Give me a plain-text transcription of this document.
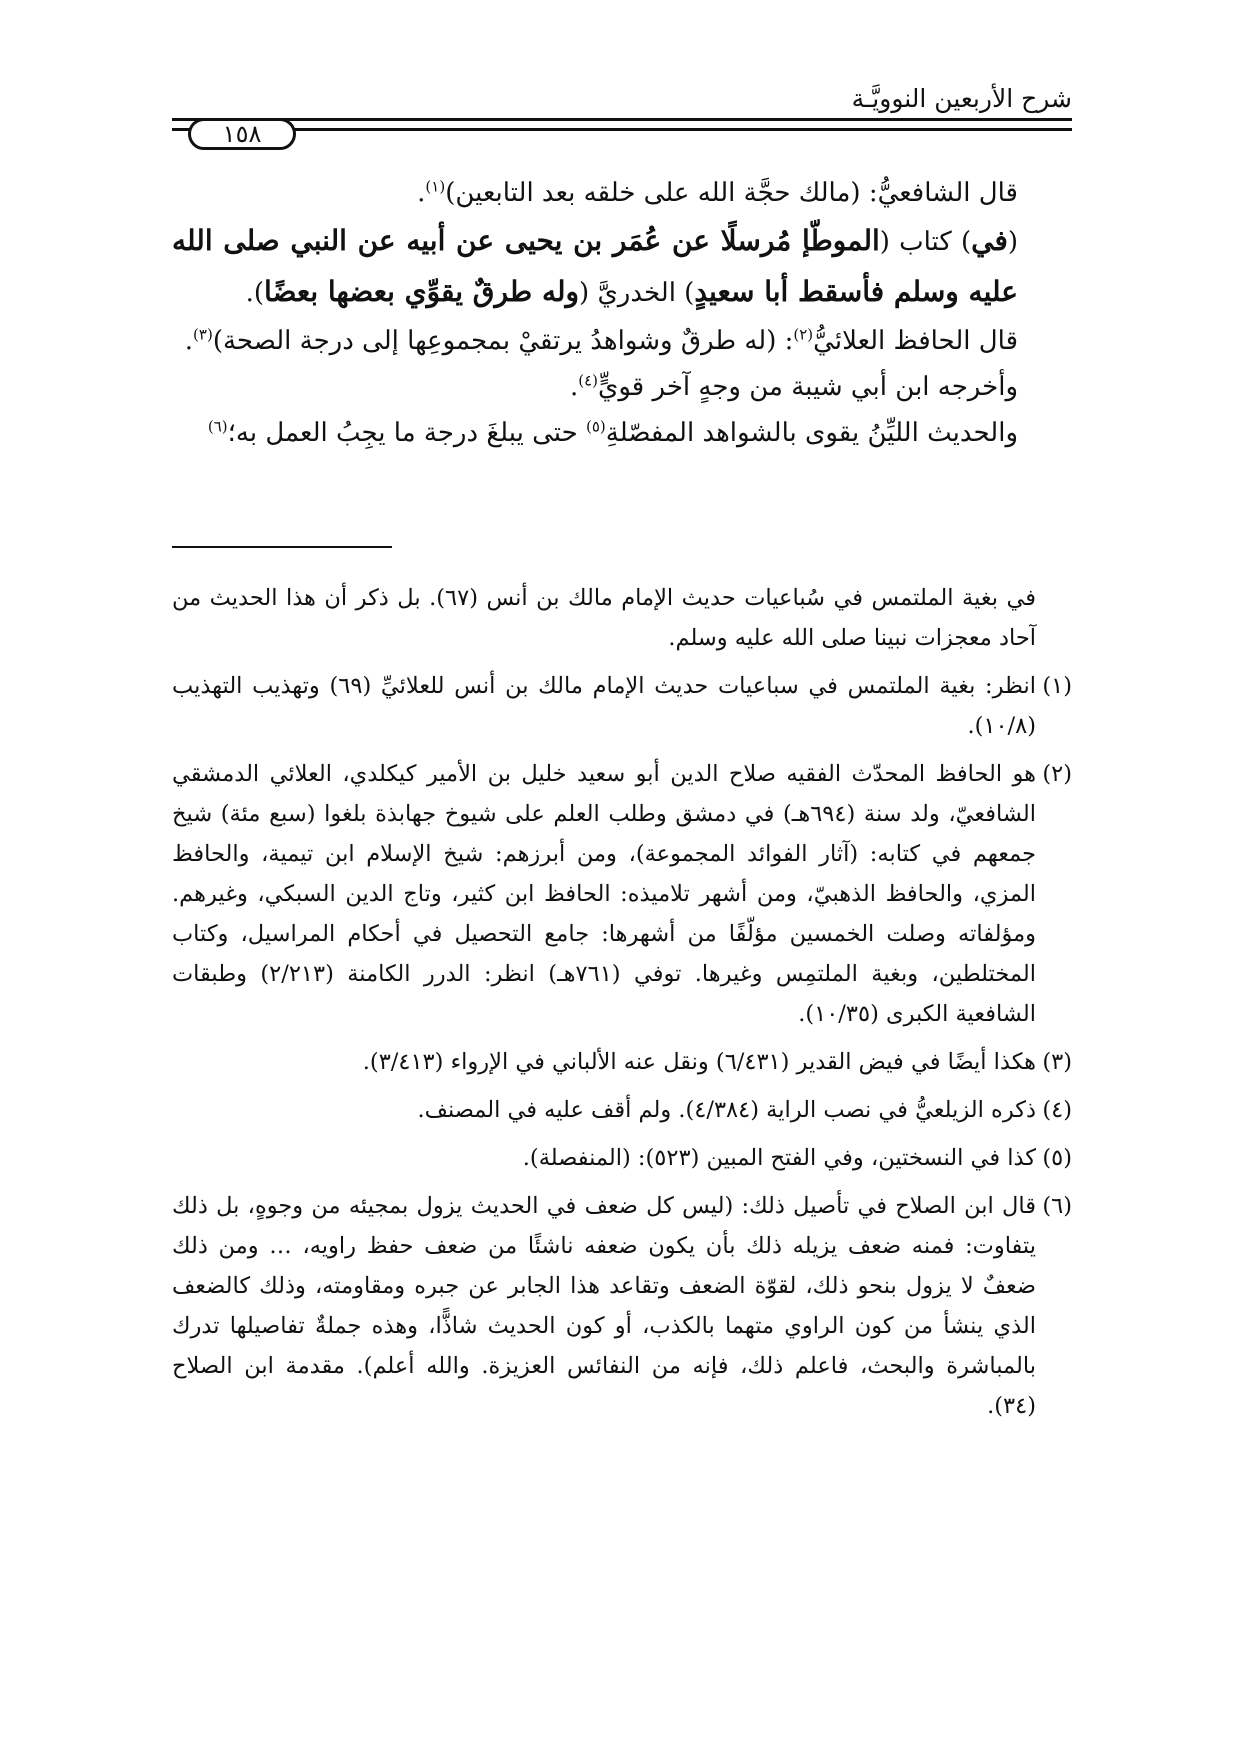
شرح الأربعين النوويَّـة
١٥٨

قال الشافعيُّ: (مالك حجَّة الله على خلقه بعد التابعين)$^{(١)}$.

(في) كتاب (الموطّإ مُرسلًا عن عُمَر بن يحيى عن أبيه عن النبي صلى الله عليه وسلم فأسقط أبا سعيدٍ) الخدريَّ (وله طرقٌ يقوِّي بعضها بعضًا).

قال الحافظ العلائيُّ$^{(٢)}$: (له طرقٌ وشواهدُ يرتقيْ بمجموعِها إلى درجة الصحة)$^{(٣)}$.

وأخرجه ابن أبي شيبة من وجهٍ آخر قويٍّ$^{(٤)}$.

والحديث الليِّنُ يقوى بالشواهد المفصّلةِ$^{(٥)}$ حتى يبلغَ درجة ما يجِبُ العمل به؛$^{(٦)}$

في بغية الملتمس في سُباعيات حديث الإمام مالك بن أنس (٦٧). بل ذكر أن هذا الحديث من آحاد معجزات نبينا صلى الله عليه وسلم.

(١)
انظر: بغية الملتمس في سباعيات حديث الإمام مالك بن أنس للعلائيِّ (٦٩) وتهذيب التهذيب (١٠/٨).
(٢)
هو الحافظ المحدّث الفقيه صلاح الدين أبو سعيد خليل بن الأمير كيكلدي، العلائي الدمشقي الشافعيّ، ولد سنة (٦٩٤هـ) في دمشق وطلب العلم على شيوخ جهابذة بلغوا (سبع مئة) شيخ جمعهم في كتابه: (آثار الفوائد المجموعة)، ومن أبرزهم: شيخ الإسلام ابن تيمية، والحافظ المزي، والحافظ الذهبيّ، ومن أشهر تلاميذه: الحافظ ابن كثير، وتاج الدين السبكي، وغيرهم. ومؤلفاته وصلت الخمسين مؤلّفًا من أشهرها: جامع التحصيل في أحكام المراسيل، وكتاب المختلطين، وبغية الملتمِس وغيرها. توفي (٧٦١هـ) انظر: الدرر الكامنة (٢/٢١٣) وطبقات الشافعية الكبرى (١٠/٣٥).
(٣)
هكذا أيضًا في فيض القدير (٦/٤٣١) ونقل عنه الألباني في الإرواء (٣/٤١٣).
(٤)
ذكره الزيلعيُّ في نصب الراية (٤/٣٨٤). ولم أقف عليه في المصنف.
(٥)
كذا في النسختين، وفي الفتح المبين (٥٢٣): (المنفصلة).
(٦)
قال ابن الصلاح في تأصيل ذلك: (ليس كل ضعف في الحديث يزول بمجيئه من وجوهٍ، بل ذلك يتفاوت: فمنه ضعف يزيله ذلك بأن يكون ضعفه ناشئًا من ضعف حفظ راويه، … ومن ذلك ضعفٌ لا يزول بنحو ذلك، لقوّة الضعف وتقاعد هذا الجابر عن جبره ومقاومته، وذلك كالضعف الذي ينشأ من كون الراوي متهما بالكذب، أو كون الحديث شاذًّا، وهذه جملةٌ تفاصيلها تدرك بالمباشرة والبحث، فاعلم ذلك، فإنه من النفائس العزيزة. والله أعلم). مقدمة ابن الصلاح (٣٤).
